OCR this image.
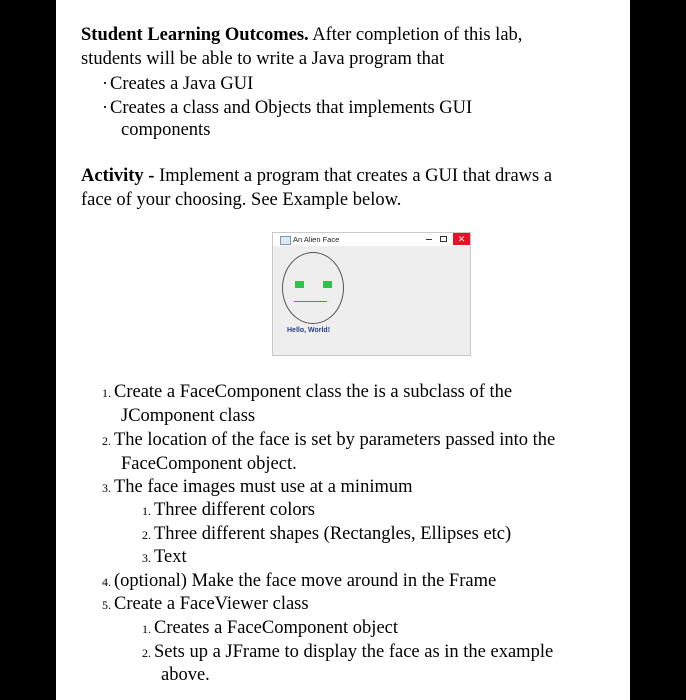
Student Learning Outcomes. After completion of this lab,
students will be able to write a Java program that
· Creates a Java GUI
· Creates a class and Objects that implements GUI
components
Activity - Implement a program that creates a GUI that draws a
face of your choosing. See Example below.
An Alien Face	✕
Hello, World!
1. Create a FaceComponent class the is a subclass of the
JComponent class
2. The location of the face is set by parameters passed into the
FaceComponent object.
3. The face images must use at a minimum
1. Three different colors
2. Three different shapes (Rectangles, Ellipses etc)
3. Text
4. (optional) Make the face move around in the Frame
5. Create a FaceViewer class
1. Creates a FaceComponent object
2. Sets up a JFrame to display the face as in the example
above.
